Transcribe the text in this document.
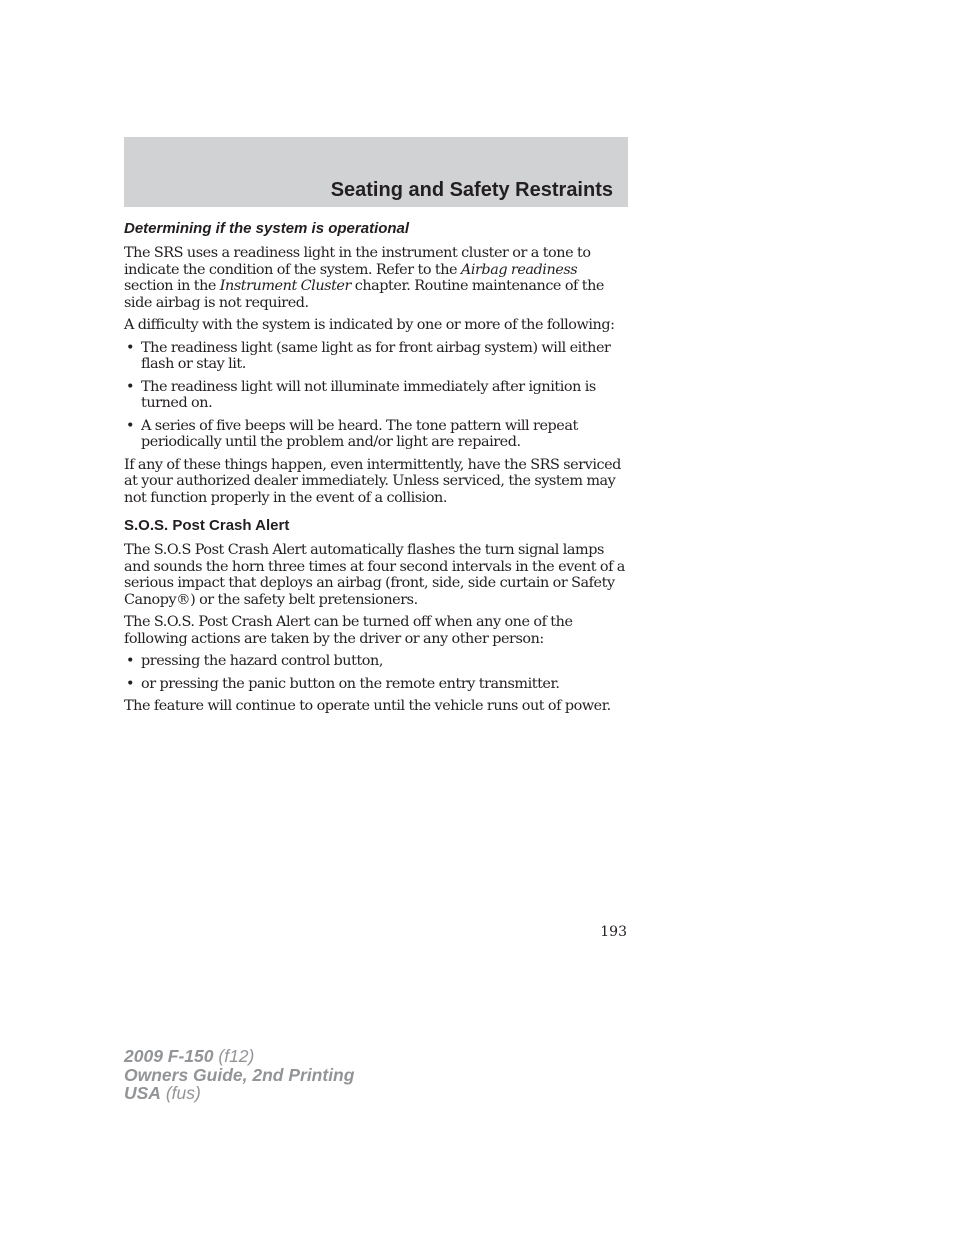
Seating and Safety Restraints
Determining if the system is operational

The SRS uses a readiness light in the instrument cluster or a tone to indicate the condition of the system. Refer to the Airbag readiness section in the Instrument Cluster chapter. Routine maintenance of the side airbag is not required.

A difficulty with the system is indicated by one or more of the following:

• The readiness light (same light as for front airbag system) will either flash or stay lit.
• The readiness light will not illuminate immediately after ignition is turned on.
• A series of five beeps will be heard. The tone pattern will repeat periodically until the problem and/or light are repaired.

If any of these things happen, even intermittently, have the SRS serviced at your authorized dealer immediately. Unless serviced, the system may not function properly in the event of a collision.

S.O.S. Post Crash Alert

The S.O.S Post Crash Alert automatically flashes the turn signal lamps and sounds the horn three times at four second intervals in the event of a serious impact that deploys an airbag (front, side, side curtain or Safety Canopy®) or the safety belt pretensioners.

The S.O.S. Post Crash Alert can be turned off when any one of the following actions are taken by the driver or any other person:

• pressing the hazard control button,
• or pressing the panic button on the remote entry transmitter.

The feature will continue to operate until the vehicle runs out of power.

193
2009 F-150 (f12)
Owners Guide, 2nd Printing
USA (fus)
